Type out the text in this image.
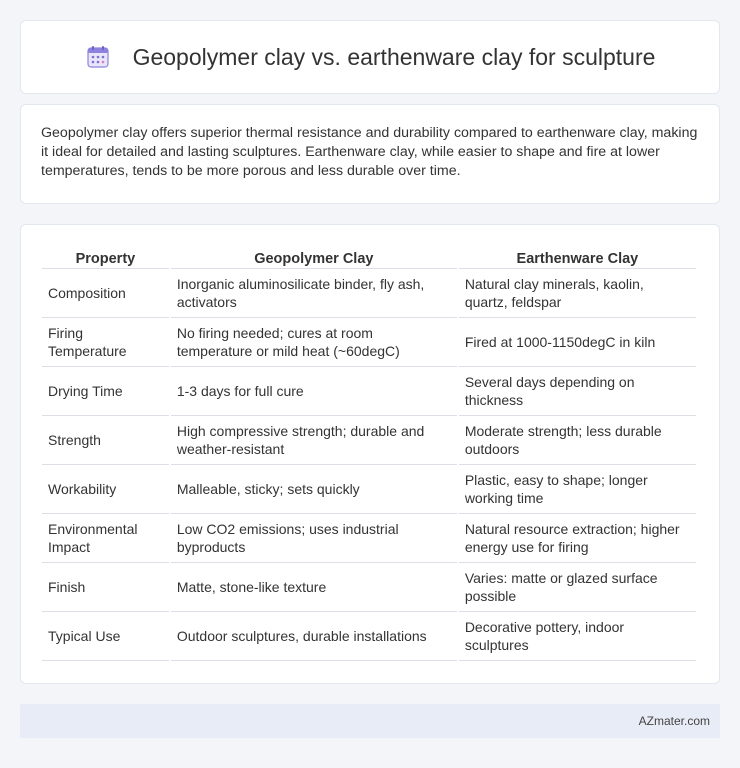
Geopolymer clay vs. earthenware clay for sculpture

Geopolymer clay offers superior thermal resistance and durability compared to earthenware clay, making it ideal for detailed and lasting sculptures. Earthenware clay, while easier to shape and fire at lower temperatures, tends to be more porous and less durable over time.

Property	Geopolymer Clay	Earthenware Clay
Composition	Inorganic aluminosilicate binder, fly ash, activators	Natural clay minerals, kaolin, quartz, feldspar
Firing Temperature	No firing needed; cures at room temperature or mild heat (~60degC)	Fired at 1000-1150degC in kiln
Drying Time	1-3 days for full cure	Several days depending on thickness
Strength	High compressive strength; durable and weather-resistant	Moderate strength; less durable outdoors
Workability	Malleable, sticky; sets quickly	Plastic, easy to shape; longer working time
Environmental Impact	Low CO2 emissions; uses industrial byproducts	Natural resource extraction; higher energy use for firing
Finish	Matte, stone-like texture	Varies: matte or glazed surface possible
Typical Use	Outdoor sculptures, durable installations	Decorative pottery, indoor sculptures
AZmater.com
